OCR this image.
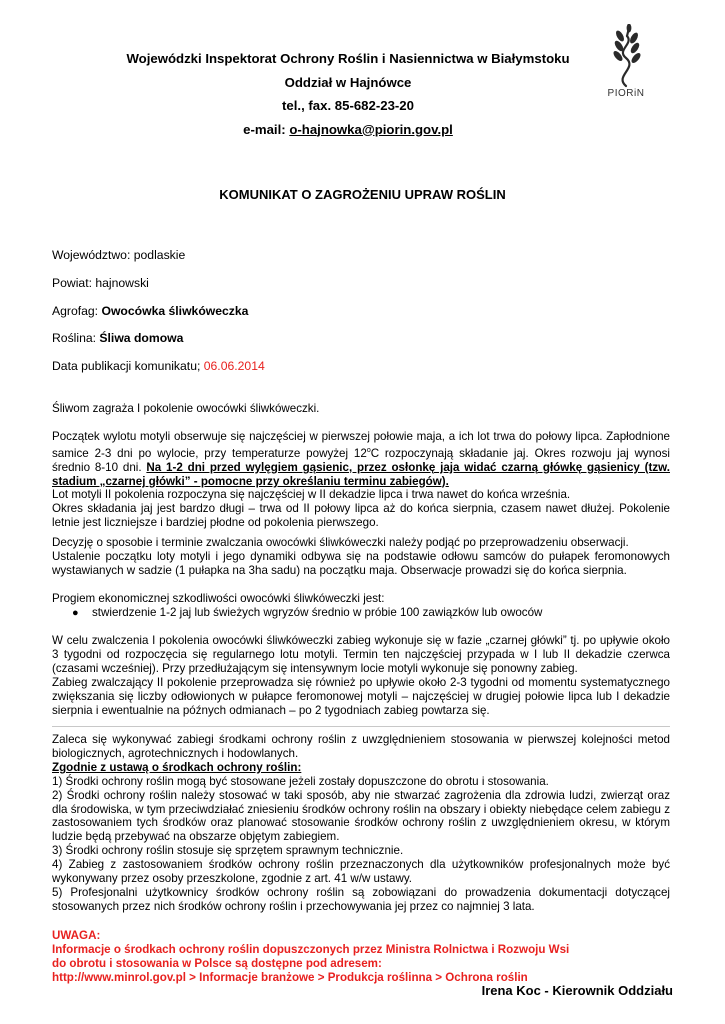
Wojewódzki Inspektorat Ochrony Roślin i Nasiennictwa w Białymstoku
Oddział w Hajnówce
tel., fax. 85-682-23-20
e-mail: o-hajnowka@piorin.gov.pl
PIORiN
KOMUNIKAT O ZAGROŻENIU UPRAW ROŚLIN
Województwo: podlaskie
Powiat: hajnowski
Agrofag: Owocówka śliwkóweczka
Roślina: Śliwa domowa
Data publikacji komunikatu; 06.06.2014

Śliwom zagraża I pokolenie owocówki śliwkóweczki.

Początek wylotu motyli obserwuje się najczęściej w pierwszej połowie maja, a ich lot trwa do połowy lipca. Zapłodnione samice 2-3 dni po wylocie, przy temperaturze powyżej 12$^o$C rozpoczynają składanie jaj. Okres rozwoju jaj wynosi średnio 8-10 dni. Na 1-2 dni przed wylęgiem gąsienic, przez osłonkę jaja widać czarną główkę gąsienicy (tzw. stadium „czarnej główki” - pomocne przy określaniu terminu zabiegów).

Lot motyli II pokolenia rozpoczyna się najczęściej w II dekadzie lipca i trwa nawet do końca września.

Okres składania jaj jest bardzo długi – trwa od II połowy lipca aż do końca sierpnia, czasem nawet dłużej. Pokolenie letnie jest liczniejsze i bardziej płodne od pokolenia pierwszego.

Decyzję o sposobie i terminie zwalczania owocówki śliwkóweczki należy podjąć po przeprowadzeniu obserwacji.

Ustalenie początku loty motyli i jego dynamiki odbywa się na podstawie odłowu samców do pułapek feromonowych wystawianych w sadzie (1 pułapka na 3ha sadu) na początku maja. Obserwacje prowadzi się do końca sierpnia.

Progiem ekonomicznej szkodliwości owocówki śliwkóweczki jest:

●	stwierdzenie 1-2 jaj lub świeżych wgryzów średnio w próbie 100 zawiązków lub owoców

W celu zwalczenia I pokolenia owocówki śliwkóweczki zabieg wykonuje się w fazie „czarnej główki” tj. po upływie około 3 tygodni od rozpoczęcia się regularnego lotu motyli. Termin ten najczęściej przypada w I lub II dekadzie czerwca (czasami wcześniej). Przy przedłużającym się intensywnym locie motyli wykonuje się ponowny zabieg.

Zabieg zwalczający II pokolenie przeprowadza się również po upływie około 2-3 tygodni od momentu systematycznego zwiększania się liczby odłowionych w pułapce feromonowej motyli – najczęściej w drugiej połowie lipca lub I dekadzie sierpnia i ewentualnie na późnych odmianach – po 2 tygodniach zabieg powtarza się.

Zaleca się wykonywać zabiegi środkami ochrony roślin z uwzględnieniem stosowania w pierwszej kolejności metod biologicznych, agrotechnicznych i hodowlanych.

Zgodnie z ustawą o środkach ochrony roślin:

1) Środki ochrony roślin mogą być stosowane jeżeli zostały dopuszczone do obrotu i stosowania.

2) Środki ochrony roślin należy stosować w taki sposób, aby nie stwarzać zagrożenia dla zdrowia ludzi, zwierząt oraz dla środowiska, w tym przeciwdziałać zniesieniu środków ochrony roślin na obszary i obiekty niebędące celem zabiegu z zastosowaniem tych środków oraz planować stosowanie środków ochrony roślin z uwzględnieniem okresu, w którym ludzie będą przebywać na obszarze objętym zabiegiem.

3) Środki ochrony roślin stosuje się sprzętem sprawnym technicznie.

4) Zabieg z zastosowaniem środków ochrony roślin przeznaczonych dla użytkowników profesjonalnych może być wykonywany przez osoby przeszkolone, zgodnie z art. 41 w/w ustawy.

5) Profesjonalni użytkownicy środków ochrony roślin są zobowiązani do prowadzenia dokumentacji dotyczącej stosowanych przez nich środków ochrony roślin i przechowywania jej przez co najmniej 3 lata.

UWAGA:
Informacje o środkach ochrony roślin dopuszczonych przez Ministra Rolnictwa i Rozwoju Wsi
do obrotu i stosowania w Polsce są dostępne pod adresem:
http://www.minrol.gov.pl > Informacje branżowe > Produkcja roślinna > Ochrona roślin
Irena Koc - Kierownik Oddziału
